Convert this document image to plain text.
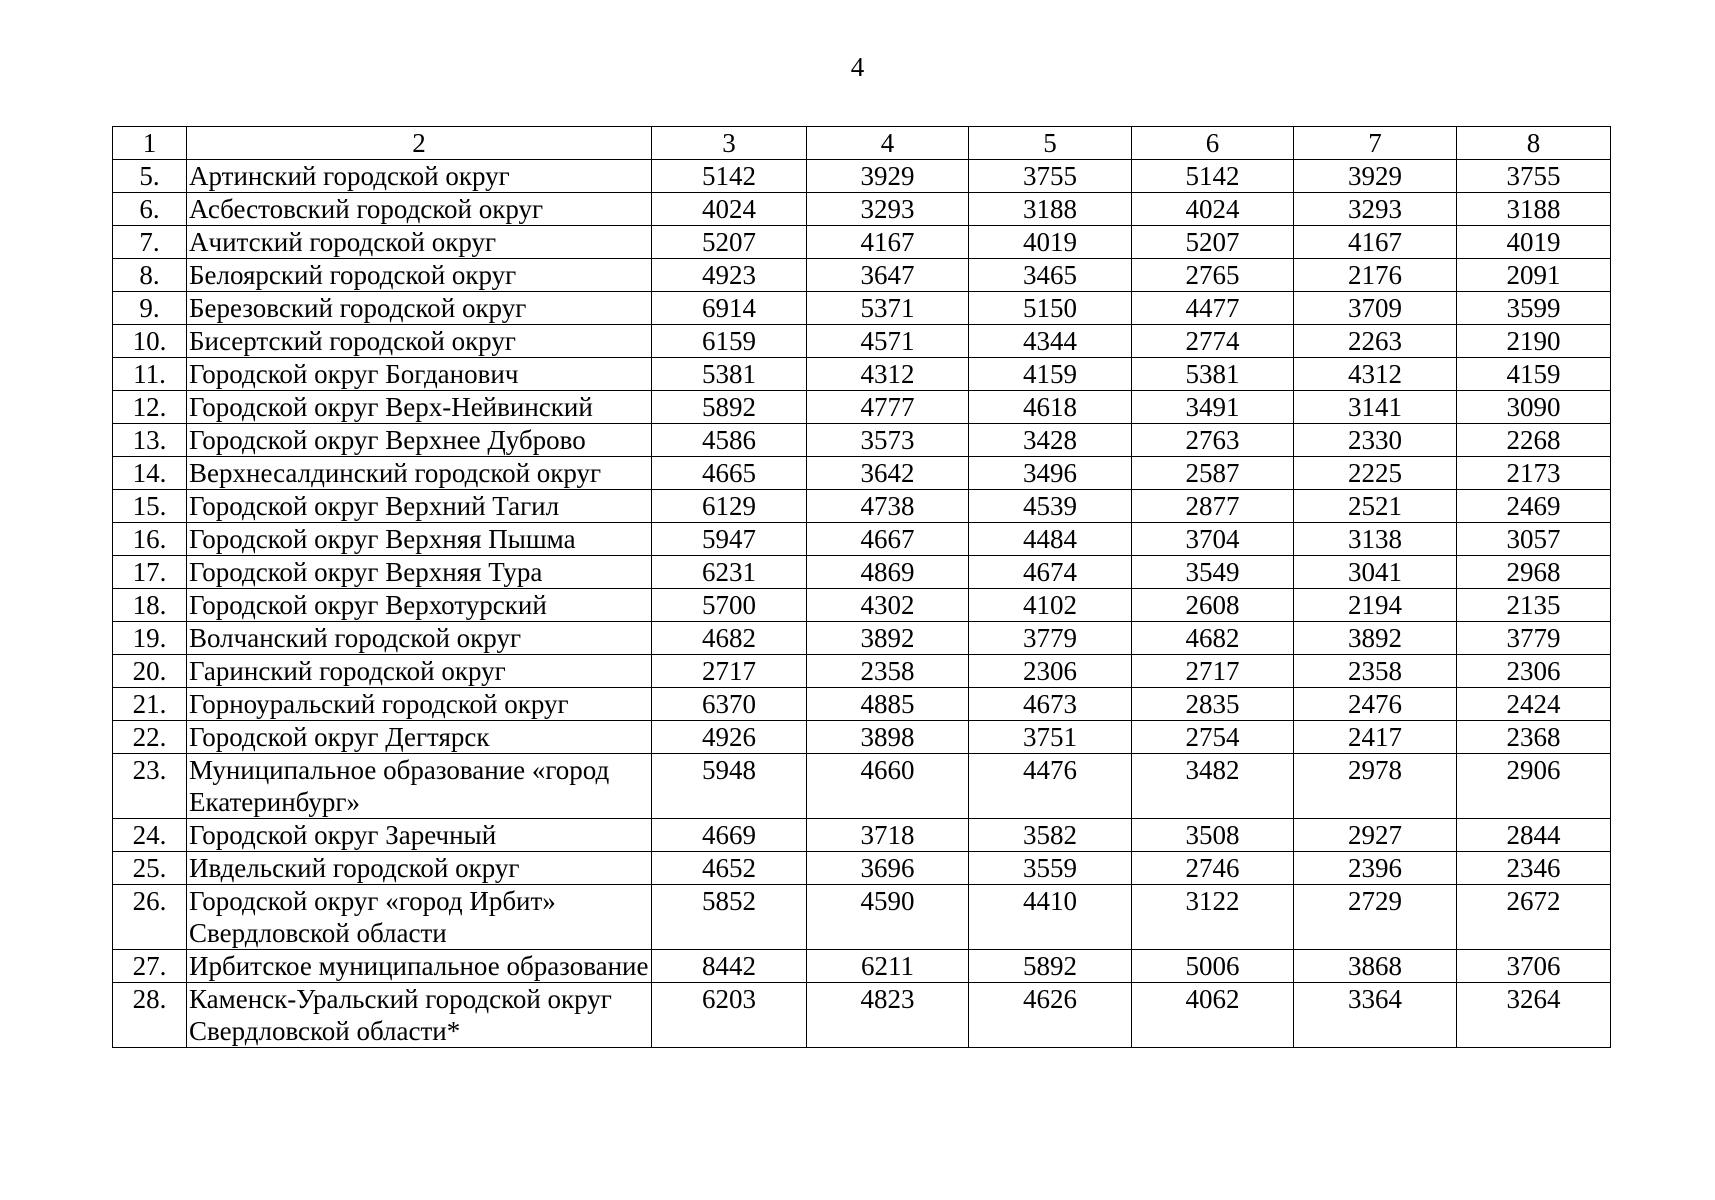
4
1	2	3	4	5	6	7	8
5.	Артинский городской округ	5142	3929	3755	5142	3929	3755
6.	Асбестовский городской округ	4024	3293	3188	4024	3293	3188
7.	Ачитский городской округ	5207	4167	4019	5207	4167	4019
8.	Белоярский городской округ	4923	3647	3465	2765	2176	2091
9.	Березовский городской округ	6914	5371	5150	4477	3709	3599
10.	Бисертский городской округ	6159	4571	4344	2774	2263	2190
11.	Городской округ Богданович	5381	4312	4159	5381	4312	4159
12.	Городской округ Верх-Нейвинский	5892	4777	4618	3491	3141	3090
13.	Городской округ Верхнее Дуброво	4586	3573	3428	2763	2330	2268
14.	Верхнесалдинский городской округ	4665	3642	3496	2587	2225	2173
15.	Городской округ Верхний Тагил	6129	4738	4539	2877	2521	2469
16.	Городской округ Верхняя Пышма	5947	4667	4484	3704	3138	3057
17.	Городской округ Верхняя Тура	6231	4869	4674	3549	3041	2968
18.	Городской округ Верхотурский	5700	4302	4102	2608	2194	2135
19.	Волчанский городской округ	4682	3892	3779	4682	3892	3779
20.	Гаринский городской округ	2717	2358	2306	2717	2358	2306
21.	Горноуральский городской округ	6370	4885	4673	2835	2476	2424
22.	Городской округ Дегтярск	4926	3898	3751	2754	2417	2368
23.	Муниципальное образование «город Екатеринбург»	5948	4660	4476	3482	2978	2906
24.	Городской округ Заречный	4669	3718	3582	3508	2927	2844
25.	Ивдельский городской округ	4652	3696	3559	2746	2396	2346
26.	Городской округ «город Ирбит» Свердловской области	5852	4590	4410	3122	2729	2672
27.	Ирбитское муниципальное образование	8442	6211	5892	5006	3868	3706
28.	Каменск-Уральский городской округ Свердловской области*	6203	4823	4626	4062	3364	3264
